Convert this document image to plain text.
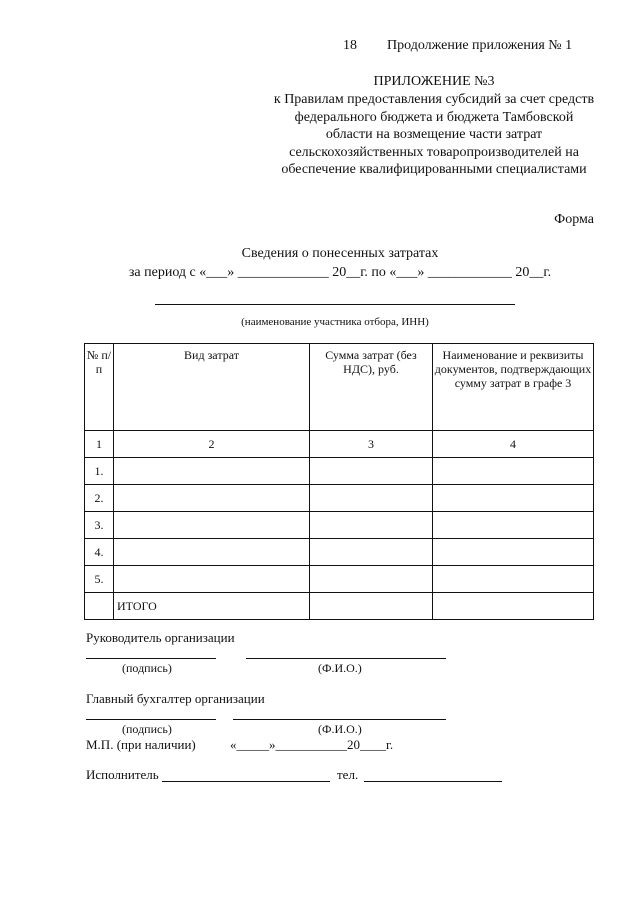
18 Продолжение приложения № 1
ПРИЛОЖЕНИЕ №3
к Правилам предоставления субсидий за счет средств федерального бюджета и бюджета Тамбовской области на возмещение части затрат сельскохозяйственных товаропроизводителей на обеспечение квалифицированными специалистами
Форма
Сведения о понесенных затратах
за период с «___» _____________ 20__г. по «___» ____________ 20__г.
(наименование участника отбора, ИНН)
№ п/п	Вид затрат	Сумма затрат (без НДС), руб.	Наименование и реквизиты документов, подтверждающих сумму затрат в графе 3
1	2	3	4
1.			
2.			
3.			
4.			
5.			
	ИТОГО		
Руководитель организации
(подпись)	(Ф.И.О.)
Главный бухгалтер организации
(подпись)	(Ф.И.О.)
М.П. (при наличии)	«_____»___________20____г.
Исполнитель	тел.
